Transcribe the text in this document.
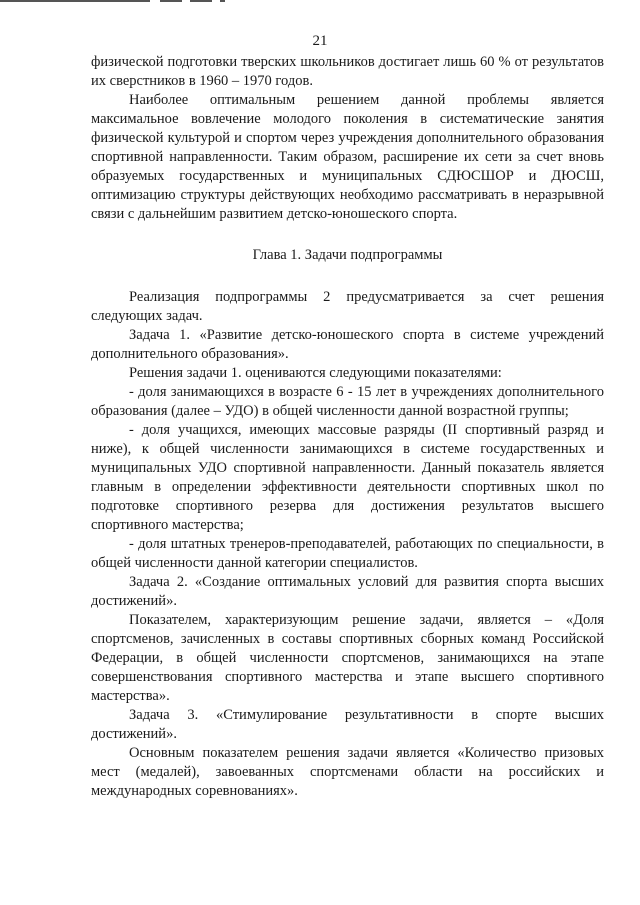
21

физической подготовки тверских школьников достигает лишь 60 % от результатов их сверстников в 1960 – 1970 годов.

Наиболее оптимальным решением данной проблемы является максимальное вовлечение молодого поколения в систематические занятия физической культурой и спортом через учреждения дополнительного образования спортивной направленности. Таким образом, расширение их сети за счет вновь образуемых государственных и муниципальных СДЮСШОР и ДЮСШ, оптимизацию структуры действующих необходимо рассматривать в неразрывной связи с дальнейшим развитием детско-юношеского спорта.

Глава 1. Задачи подпрограммы

Реализация подпрограммы 2 предусматривается за счет решения следующих задач.

Задача 1. «Развитие детско-юношеского спорта в системе учреждений дополнительного образования».

Решения задачи 1. оцениваются следующими показателями:

- доля занимающихся в возрасте 6 - 15 лет в учреждениях дополнительного образования (далее – УДО) в общей численности данной возрастной группы;

- доля учащихся, имеющих массовые разряды (II спортивный разряд и ниже), к общей численности занимающихся в системе государственных и муниципальных УДО спортивной направленности. Данный показатель является главным в определении эффективности деятельности спортивных школ по подготовке спортивного резерва для достижения результатов высшего спортивного мастерства;

- доля штатных тренеров-преподавателей, работающих по специальности, в общей численности данной категории специалистов.

Задача 2. «Создание оптимальных условий для развития спорта высших достижений».

Показателем, характеризующим решение задачи, является – «Доля спортсменов, зачисленных в составы спортивных сборных команд Российской Федерации, в общей численности спортсменов, занимающихся на этапе совершенствования спортивного мастерства и этапе высшего спортивного мастерства».

Задача 3. «Стимулирование результативности в спорте высших достижений».

Основным показателем решения задачи является «Количество призовых мест (медалей), завоеванных спортсменами области на российских и международных соревнованиях».
